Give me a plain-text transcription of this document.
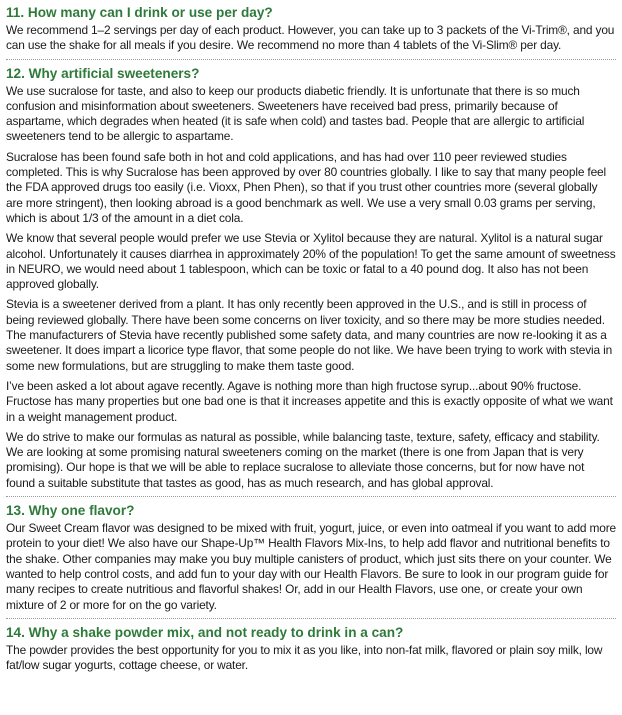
11. How many can I drink or use per day?

We recommend 1–2 servings per day of each product. However, you can take up to 3 packets of the Vi-Trim®, and you can use the shake for all meals if you desire. We recommend no more than 4 tablets of the Vi-Slim® per day.

12. Why artificial sweeteners?

We use sucralose for taste, and also to keep our products diabetic friendly. It is unfortunate that there is so much confusion and misinformation about sweeteners. Sweeteners have received bad press, primarily because of aspartame, which degrades when heated (it is safe when cold) and tastes bad. People that are allergic to artificial sweeteners tend to be allergic to aspartame.

Sucralose has been found safe both in hot and cold applications, and has had over 110 peer reviewed studies completed. This is why Sucralose has been approved by over 80 countries globally. I like to say that many people feel the FDA approved drugs too easily (i.e. Vioxx, Phen Phen), so that if you trust other countries more (several globally are more stringent), then looking abroad is a good benchmark as well. We use a very small 0.03 grams per serving, which is about 1/3 of the amount in a diet cola.

We know that several people would prefer we use Stevia or Xylitol because they are natural. Xylitol is a natural sugar alcohol. Unfortunately it causes diarrhea in approximately 20% of the population! To get the same amount of sweetness in NEURO, we would need about 1 tablespoon, which can be toxic or fatal to a 40 pound dog. It also has not been approved globally.

Stevia is a sweetener derived from a plant. It has only recently been approved in the U.S., and is still in process of being reviewed globally. There have been some concerns on liver toxicity, and so there may be more studies needed. The manufacturers of Stevia have recently published some safety data, and many countries are now re-looking it as a sweetener. It does impart a licorice type flavor, that some people do not like. We have been trying to work with stevia in some new formulations, but are struggling to make them taste good.

I’ve been asked a lot about agave recently. Agave is nothing more than high fructose syrup...about 90% fructose. Fructose has many properties but one bad one is that it increases appetite and this is exactly opposite of what we want in a weight management product.

We do strive to make our formulas as natural as possible, while balancing taste, texture, safety, efficacy and stability. We are looking at some promising natural sweeteners coming on the market (there is one from Japan that is very promising). Our hope is that we will be able to replace sucralose to alleviate those concerns, but for now have not found a suitable substitute that tastes as good, has as much research, and has global approval.

13. Why one flavor?

Our Sweet Cream flavor was designed to be mixed with fruit, yogurt, juice, or even into oatmeal if you want to add more protein to your diet! We also have our Shape-Up™ Health Flavors Mix-Ins, to help add flavor and nutritional benefits to the shake. Other companies may make you buy multiple canisters of product, which just sits there on your counter. We wanted to help control costs, and add fun to your day with our Health Flavors. Be sure to look in our program guide for many recipes to create nutritious and flavorful shakes! Or, add in our Health Flavors, use one, or create your own mixture of 2 or more for on the go variety.

14. Why a shake powder mix, and not ready to drink in a can?

The powder provides the best opportunity for you to mix it as you like, into non-fat milk, flavored or plain soy milk, low fat/low sugar yogurts, cottage cheese, or water.
